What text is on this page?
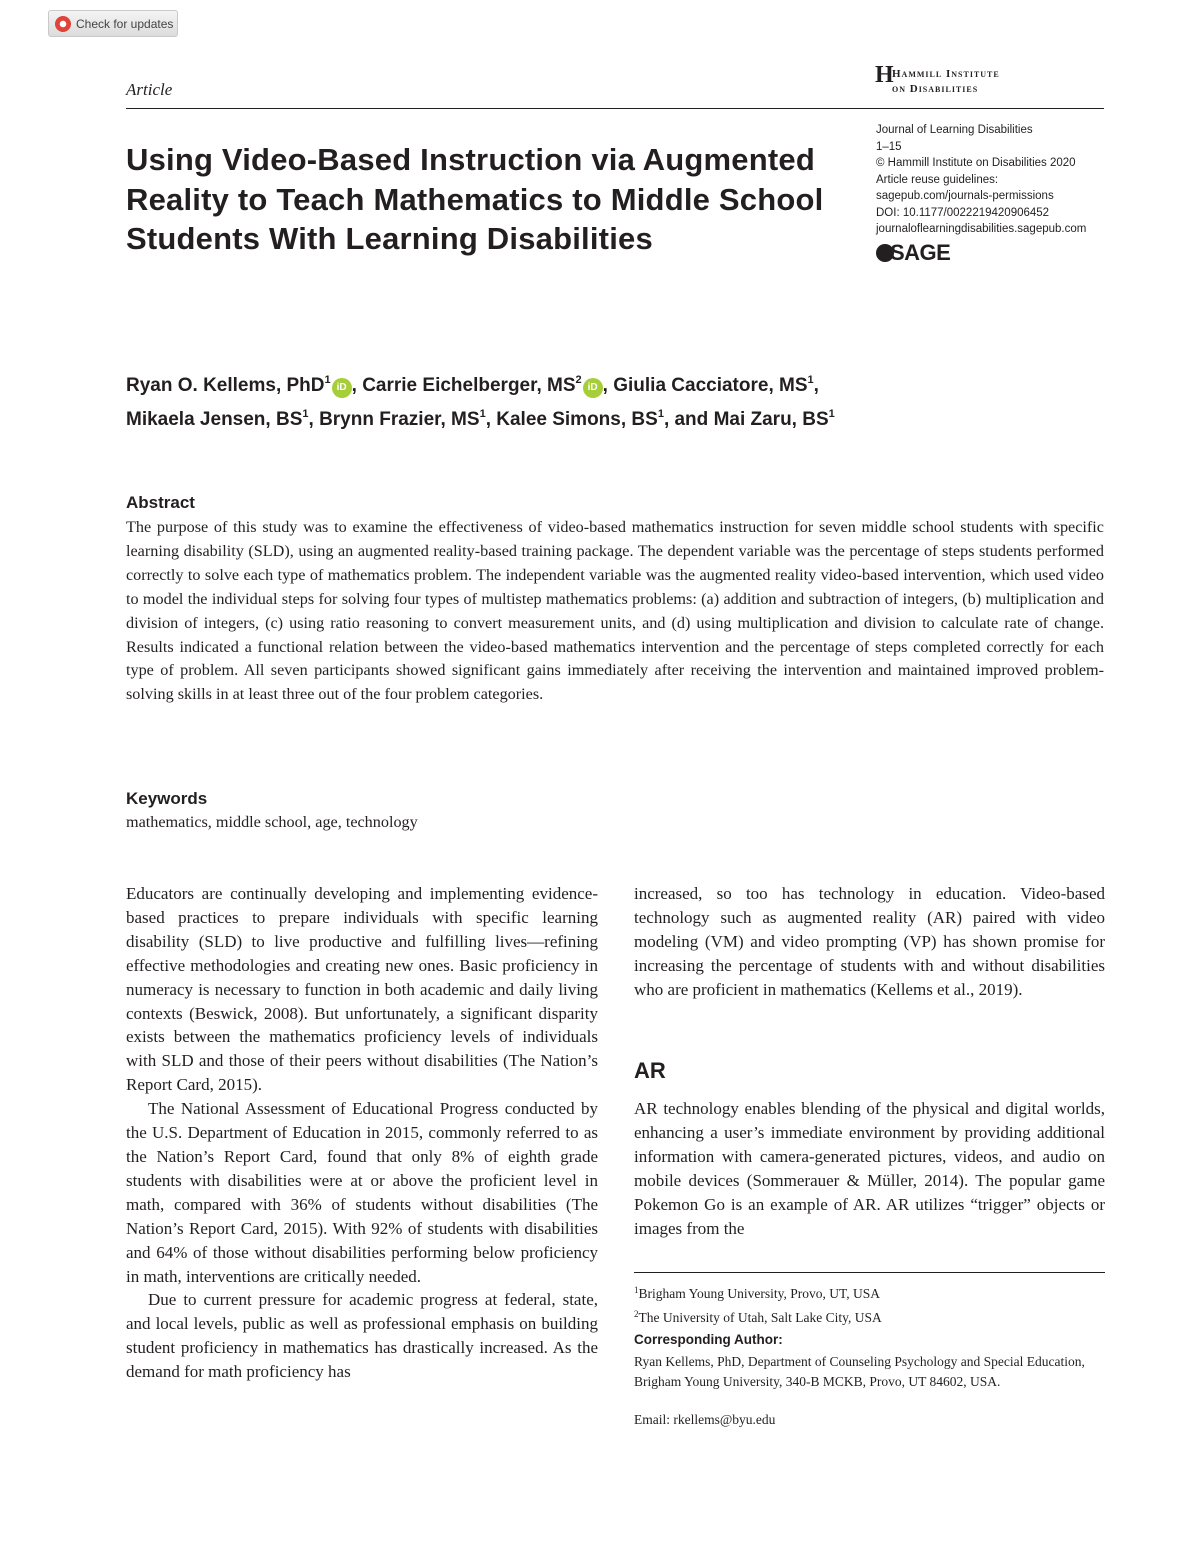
Check for updates
Article
H
Hammill Institute
on Disabilities
Using Video-Based Instruction via Augmented Reality to Teach Mathematics to Middle School Students With Learning Disabilities
Journal of Learning Disabilities
1–15
© Hammill Institute on Disabilities 2020
Article reuse guidelines:
sagepub.com/journals-permissions
DOI: 10.1177/0022219420906452
journaloflearningdisabilities.sagepub.com
SAGE

Ryan O. Kellems, PhD$^1$iD , Carrie Eichelberger, $MS^2iD$ , Giulia Cacciatore, $MS^1$,
Mikaela Jensen, $BS^1$, Brynn Frazier, $MS^1$, Kalee Simons, $BS^1$, and Mai Zaru, $BS^1$

Abstract

The purpose of this study was to examine the effectiveness of video-based mathematics instruction for seven middle school students with specific learning disability (SLD), using an augmented reality-based training package. The dependent variable was the percentage of steps students performed correctly to solve each type of mathematics problem. The independent variable was the augmented reality video-based intervention, which used video to model the individual steps for solving four types of multistep mathematics problems: (a) addition and subtraction of integers, (b) multiplication and division of integers, (c) using ratio reasoning to convert measurement units, and (d) using multiplication and division to calculate rate of change. Results indicated a functional relation between the video-based mathematics intervention and the percentage of steps completed correctly for each type of problem. All seven participants showed significant gains immediately after receiving the intervention and maintained improved problem-solving skills in at least three out of the four problem categories.

Keywords
mathematics, middle school, age, technology

Educators are continually developing and implementing evidence-based practices to prepare individuals with specific learning disability (SLD) to live productive and fulfilling lives—refining effective methodologies and creating new ones. Basic proficiency in numeracy is necessary to function in both academic and daily living contexts (Beswick, 2008). But unfortunately, a significant disparity exists between the mathematics proficiency levels of individuals with SLD and those of their peers without disabilities (The Nation’s Report Card, 2015).

The National Assessment of Educational Progress conducted by the U.S. Department of Education in 2015, commonly referred to as the Nation’s Report Card, found that only 8% of eighth grade students with disabilities were at or above the proficient level in math, compared with 36% of students without disabilities (The Nation’s Report Card, 2015). With 92% of students with disabilities and 64% of those without disabilities performing below proficiency in math, interventions are critically needed.

Due to current pressure for academic progress at federal, state, and local levels, public as well as professional emphasis on building student proficiency in mathematics has drastically increased. As the demand for math proficiency has

increased, so too has technology in education. Video-based technology such as augmented reality (AR) paired with video modeling (VM) and video prompting (VP) has shown promise for increasing the percentage of students with and without disabilities who are proficient in mathematics (Kellems et al., 2019).

AR

AR technology enables blending of the physical and digital worlds, enhancing a user’s immediate environment by providing additional information with camera-generated pictures, videos, and audio on mobile devices (Sommerauer & Müller, 2014). The popular game Pokemon Go is an example of AR. AR utilizes “trigger” objects or images from the

$^1$Brigham Young University, Provo, UT, USA
$^2$The University of Utah, Salt Lake City, USA
Corresponding Author:
Ryan Kellems, PhD, Department of Counseling Psychology and Special Education, Brigham Young University, 340-B MCKB, Provo, UT 84602, USA.
Email: rkellems@byu.edu
